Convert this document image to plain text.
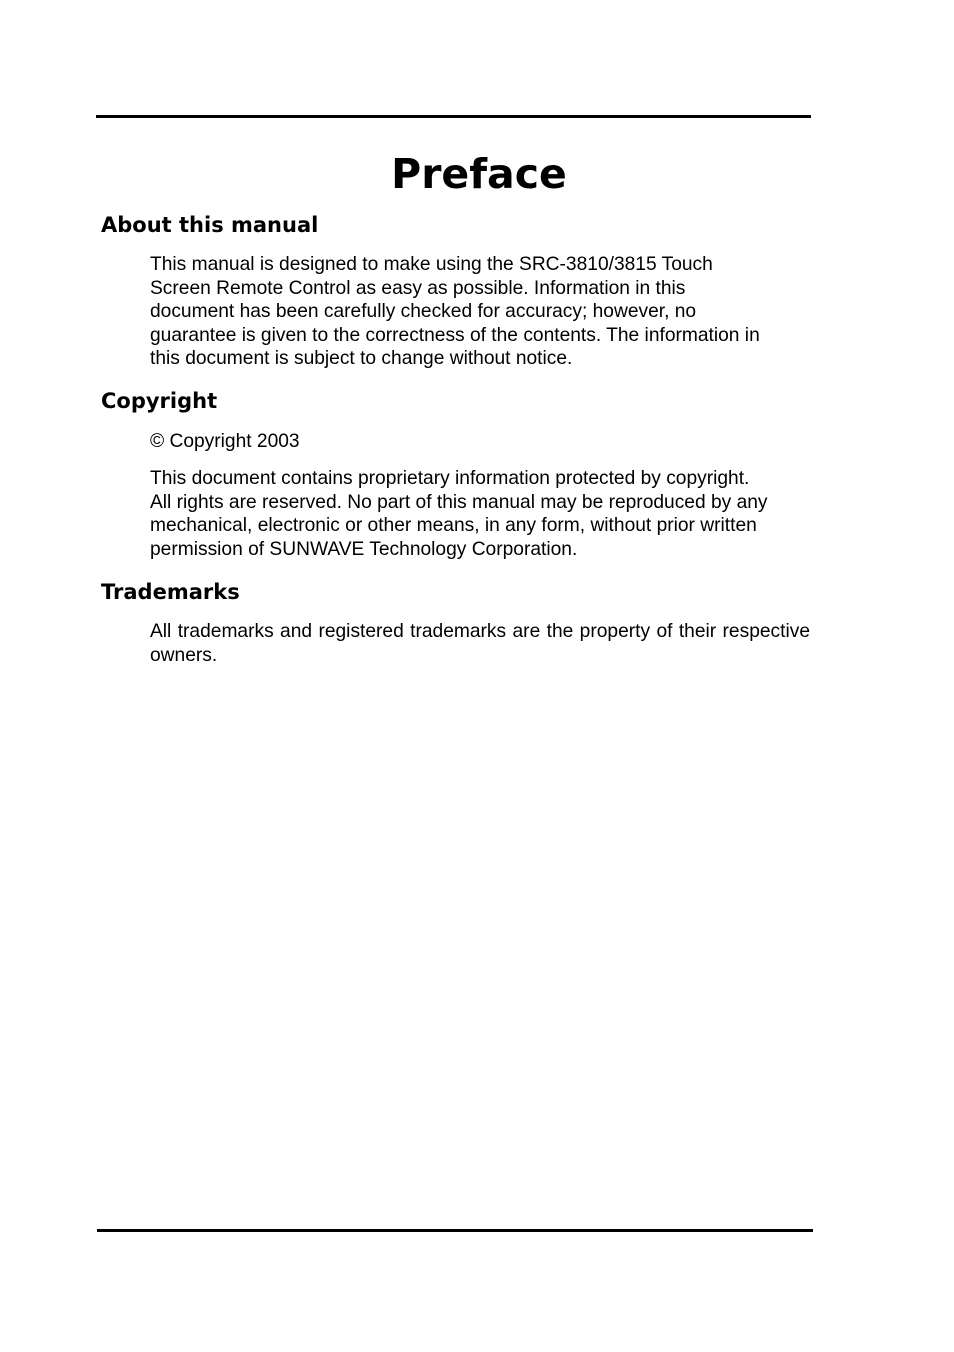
Preface
About this manual

This manual is designed to make using the SRC-3810/3815 Touch
Screen Remote Control as easy as possible. Information in this
document has been carefully checked for accuracy; however, no
guarantee is given to the correctness of the contents. The information in
this document is subject to change without notice.

Copyright

© Copyright 2003

This document contains proprietary information protected by copyright.
All rights are reserved. No part of this manual may be reproduced by any
mechanical, electronic or other means, in any form, without prior written
permission of SUNWAVE Technology Corporation.

Trademarks

All trademarks and registered trademarks are the property of their respective owners.
